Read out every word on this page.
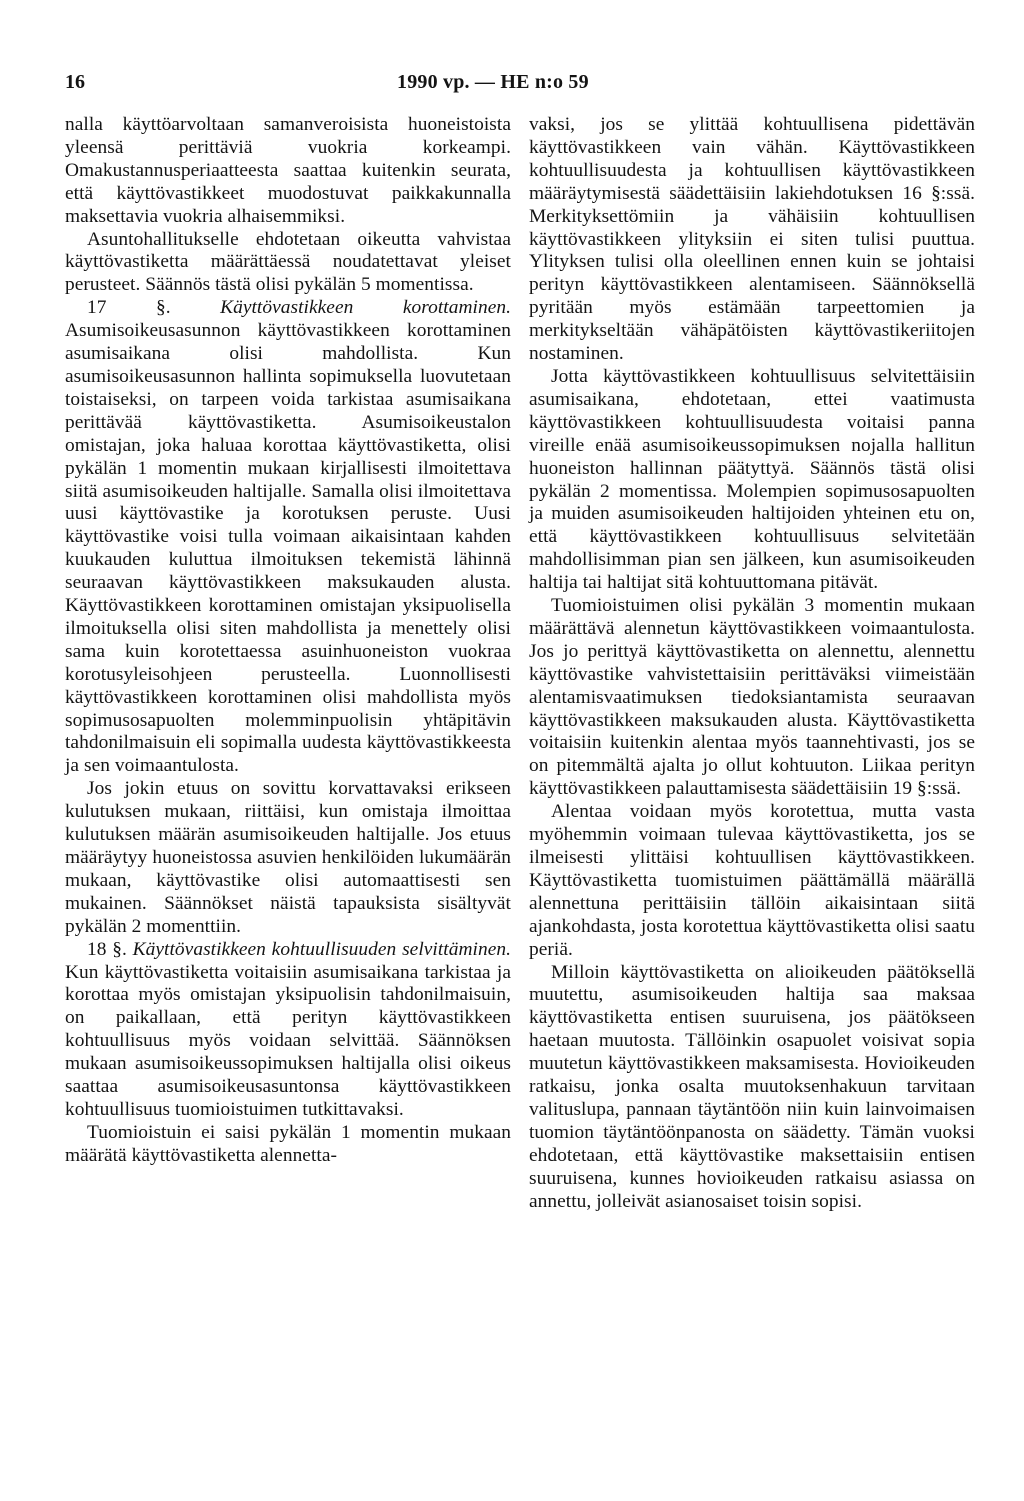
16	1990 vp. — HE n:o 59

nalla käyttöarvoltaan samanveroisista huoneistoista yleensä perittäviä vuokria korkeampi. Omakustannusperiaatteesta saattaa kuitenkin seurata, että käyttövastikkeet muodostuvat paikkakunnalla maksettavia vuokria alhaisemmiksi.

Asuntohallitukselle ehdotetaan oikeutta vahvistaa käyttövastiketta määrättäessä noudatettavat yleiset perusteet. Säännös tästä olisi pykälän 5 momentissa.

17 §.	Käyttövastikkeen korottaminen. Asumisoikeusasunnon käyttövastikkeen korottaminen asumisaikana olisi mahdollista. Kun asumisoikeusasunnon hallinta sopimuksella luovutetaan toistaiseksi, on tarpeen voida tarkistaa asumisaikana perittävää käyttövastiketta. Asumisoikeustalon omistajan, joka haluaa korottaa käyttövastiketta, olisi pykälän 1 momentin mukaan kirjallisesti ilmoitettava siitä asumisoikeuden haltijalle. Samalla olisi ilmoitettava uusi käyttövastike ja korotuksen peruste. Uusi käyttövastike voisi tulla voimaan aikaisintaan kahden kuukauden kuluttua ilmoituksen tekemistä lähinnä seuraavan käyttövastikkeen maksukauden alusta. Käyttövastikkeen korottaminen omistajan yksipuolisella ilmoituksella olisi siten mahdollista ja menettely olisi sama kuin korotettaessa asuinhuoneiston vuokraa korotusyleisohjeen perusteella. Luonnollisesti käyttövastikkeen korottaminen olisi mahdollista myös sopimusosapuolten molemminpuolisin yhtäpitävin tahdonilmaisuin eli sopimalla uudesta käyttövastikkeesta ja sen voimaantulosta.

Jos jokin etuus on sovittu korvattavaksi erikseen kulutuksen mukaan, riittäisi, kun omistaja ilmoittaa kulutuksen määrän asumisoikeuden haltijalle. Jos etuus määräytyy huoneistossa asuvien henkilöiden lukumäärän mukaan, käyttövastike olisi automaattisesti sen mukainen. Säännökset näistä tapauksista sisältyvät pykälän 2 momenttiin.

18 §. Käyttövastikkeen kohtuullisuuden selvittäminen. Kun käyttövastiketta voitaisiin asumisaikana tarkistaa ja korottaa myös omistajan yksipuolisin tahdonilmaisuin, on paikallaan, että perityn käyttövastikkeen kohtuullisuus myös voidaan selvittää. Säännöksen mukaan asumisoikeussopimuksen haltijalla olisi oikeus saattaa asumisoikeusasuntonsa käyttövastikkeen kohtuullisuus tuomioistuimen tutkittavaksi.

Tuomioistuin ei saisi pykälän 1 momentin mukaan määrätä käyttövastiketta alennetta-

vaksi, jos se ylittää kohtuullisena pidettävän käyttövastikkeen vain vähän. Käyttövastikkeen kohtuullisuudesta ja kohtuullisen käyttövastikkeen määräytymisestä säädettäisiin lakiehdotuksen 16 §:ssä. Merkityksettömiin ja vähäisiin kohtuullisen käyttövastikkeen ylityksiin ei siten tulisi puuttua. Ylityksen tulisi olla oleellinen ennen kuin se johtaisi perityn käyttövastikkeen alentamiseen. Säännöksellä pyritään myös estämään tarpeettomien ja merkitykseltään vähäpätöisten käyttövastikeriitojen nostaminen.

Jotta käyttövastikkeen kohtuullisuus selvitettäisiin asumisaikana, ehdotetaan, ettei vaatimusta käyttövastikkeen kohtuullisuudesta voitaisi panna vireille enää asumisoikeussopimuksen nojalla hallitun huoneiston hallinnan päätyttyä. Säännös tästä olisi pykälän 2 momentissa. Molempien sopimusosapuolten ja muiden asumisoikeuden haltijoiden yhteinen etu on, että käyttövastikkeen kohtuullisuus selvitetään mahdollisimman pian sen jälkeen, kun asumisoikeuden haltija tai haltijat sitä kohtuuttomana pitävät.

Tuomioistuimen olisi pykälän 3 momentin mukaan määrättävä alennetun käyttövastikkeen voimaantulosta. Jos jo perittyä käyttövastiketta on alennettu, alennettu käyttövastike vahvistettaisiin perittäväksi viimeistään alentamisvaatimuksen tiedoksiantamista seuraavan käyttövastikkeen maksukauden alusta. Käyttövastiketta voitaisiin kuitenkin alentaa myös taannehtivasti, jos se on pitemmältä ajalta jo ollut kohtuuton. Liikaa perityn käyttövastikkeen palauttamisesta säädettäisiin 19 §:ssä.

Alentaa voidaan myös korotettua, mutta vasta myöhemmin voimaan tulevaa käyttövastiketta, jos se ilmeisesti ylittäisi kohtuullisen käyttövastikkeen. Käyttövastiketta tuomistuimen päättämällä määrällä alennettuna perittäisiin tällöin aikaisintaan siitä ajankohdasta, josta korotettua käyttövastiketta olisi saatu periä.

Milloin käyttövastiketta on alioikeuden päätöksellä muutettu, asumisoikeuden haltija saa maksaa käyttövastiketta entisen suuruisena, jos päätökseen haetaan muutosta. Tällöinkin osapuolet voisivat sopia muutetun käyttövastikkeen maksamisesta. Hovioikeuden ratkaisu, jonka osalta muutoksenhakuun tarvitaan valituslupa, pannaan täytäntöön niin kuin lainvoimaisen tuomion täytäntöönpanosta on säädetty. Tämän vuoksi ehdotetaan, että käyttövastike maksettaisiin entisen suuruisena, kunnes hovioikeuden ratkaisu asiassa on annettu, jolleivät asianosaiset toisin sopisi.
